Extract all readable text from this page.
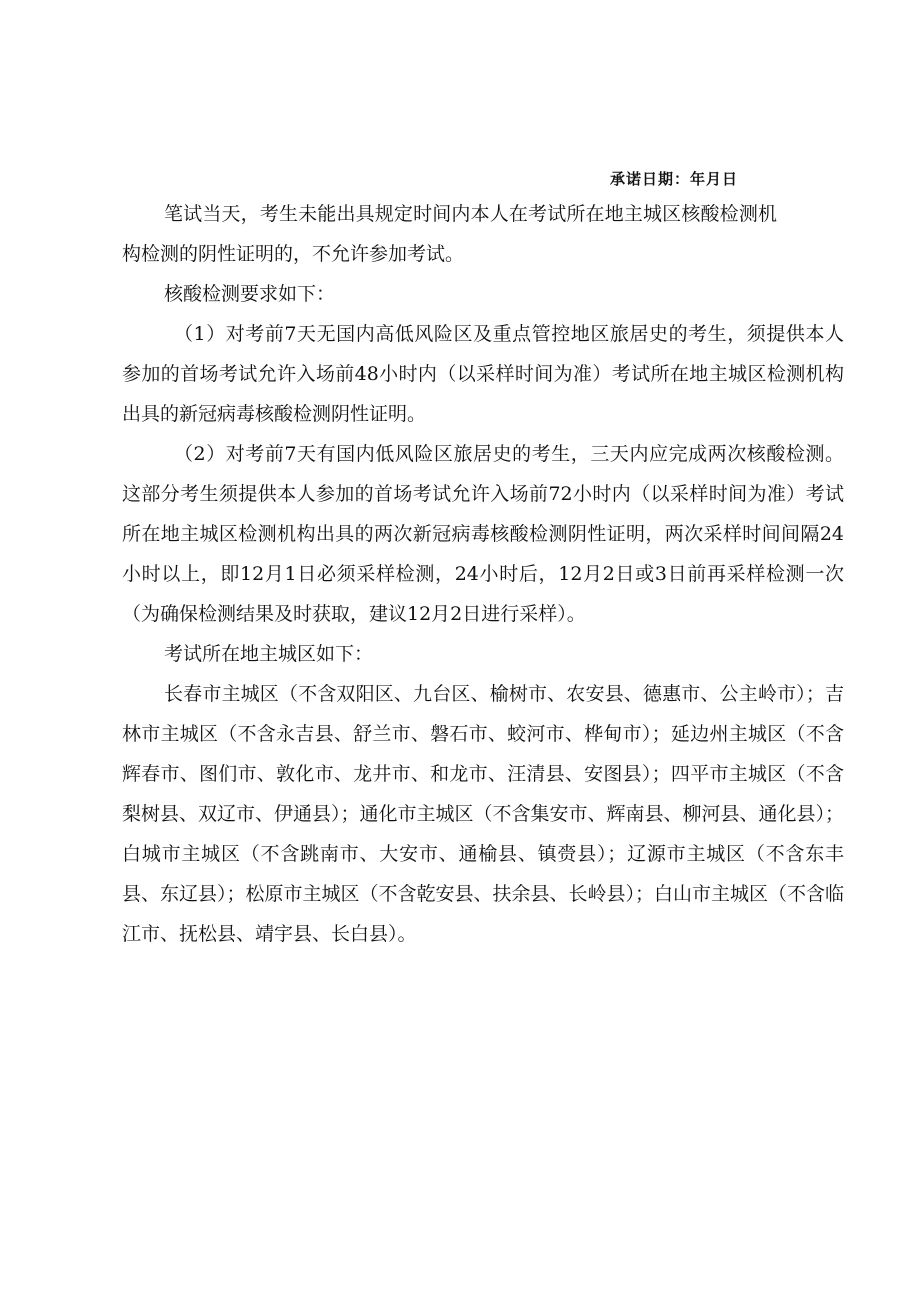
承诺日期：年月日
笔试当天，考生未能出具规定时间内本人在考试所在地主城区核酸检测机构检测的阴性证明的，不允许参加考试。
核酸检测要求如下：

（1）对考前7天无国内高低风险区及重点管控地区旅居史的考生，须提供本人参加的首场考试允许入场前48小时内（以采样时间为准）考试所在地主城区检测机构出具的新冠病毒核酸检测阴性证明。

（2）对考前7天有国内低风险区旅居史的考生，三天内应完成两次核酸检测。这部分考生须提供本人参加的首场考试允许入场前72小时内（以采样时间为准）考试所在地主城区检测机构出具的两次新冠病毒核酸检测阴性证明，两次采样时间间隔24小时以上，即12月1日必须采样检测，24小时后，12月2日或3日前再采样检测一次（为确保检测结果及时获取，建议12月2日进行采样）。

考试所在地主城区如下：

长春市主城区（不含双阳区、九台区、榆树市、农安县、德惠市、公主岭市）；吉林市主城区（不含永吉县、舒兰市、磐石市、蛟河市、桦甸市）；延边州主城区（不含辉春市、图们市、敦化市、龙井市、和龙市、汪清县、安图县）；四平市主城区（不含梨树县、双辽市、伊通县）；通化市主城区（不含集安市、辉南县、柳河县、通化县）；白城市主城区（不含跳南市、大安市、通榆县、镇赍县）；辽源市主城区（不含东丰县、东辽县）；松原市主城区（不含乾安县、扶余县、长岭县）；白山市主城区（不含临江市、抚松县、靖宇县、长白县）。
